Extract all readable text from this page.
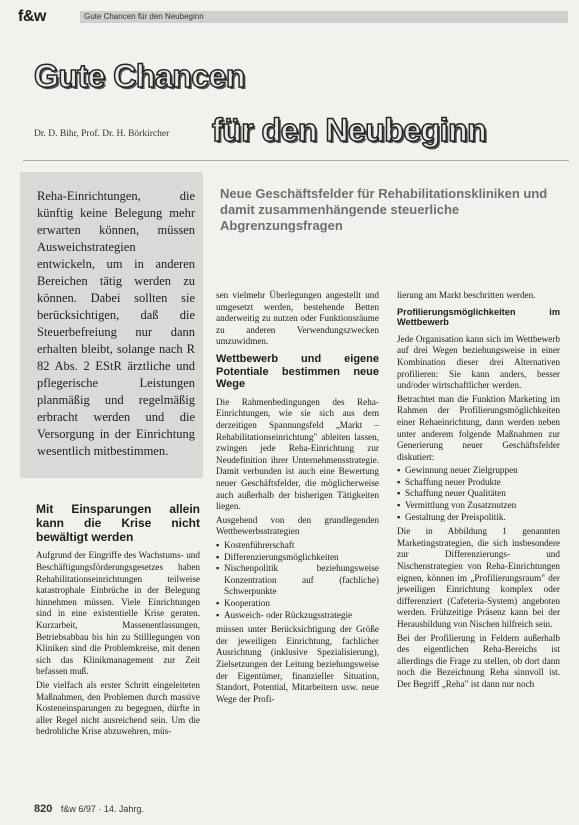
f&w	Gute Chancen für den Neubeginn
Gute Chancen
Dr. D. Bihr, Prof. Dr. H. Börkircher für den Neubeginn
Reha-Einrichtungen, die künftig keine Belegung mehr erwarten können, müssen Ausweichstrategien entwickeln, um in anderen Bereichen tätig werden zu können. Dabei sollten sie berücksichtigen, daß die Steuerbefreiung nur dann erhalten bleibt, solange nach R 82 Abs. 2 EStR ärztliche und pflegerische Leistungen planmäßig und regelmäßig erbracht werden und die Versorgung in der Einrichtung wesentlich mitbestimmen.
Neue Geschäftsfelder für Rehabilitationskliniken und damit zusammenhängende steuerliche Abgrenzungsfragen
Mit Einsparungen allein kann die Krise nicht bewältigt werden

Aufgrund der Eingriffe des Wachstums- und Beschäftigungsförderungsgesetzes haben Rehabilitationseinrichtungen teilweise katastrophale Einbrüche in der Belegung hinnehmen müssen. Viele Einrichtungen sind in eine existentielle Krise geraten. Kurzarbeit, Massenentlassungen, Betriebsabbau bis hin zu Stilllegungen von Kliniken sind die Problemkreise, mit denen sich das Klinikmanagement zur Zeit befassen muß.

Die vielfach als erster Schritt eingeleiteten Maßnahmen, den Problemen durch massive Kosteneinsparungen zu begegnen, dürfte in aller Regel nicht ausreichend sein. Um die bedrohliche Krise abzuwehren, müs-

sen vielmehr Überlegungen angestellt und umgesetzt werden, bestehende Betten anderweitig zu nutzen oder Funktionsräume zu anderen Verwendungszwecken umzuwidmen.

Wettbewerb und eigene Potentiale bestimmen neue Wege

Die Rahmenbedingungen des Reha-Einrichtungen, wie sie sich aus dem derzeitigen Spannungsfeld „Markt – Rehabilitationseinrichtung" ableiten lassen, zwingen jede Reha-Einrichtung zur Neudefinition ihrer Unternehmensstrategie. Damit verbunden ist auch eine Bewertung neuer Geschäftsfelder, die möglicherweise auch außerhalb der bisherigen Tätigkeiten liegen.

Ausgehend von den grundlegenden Wettbewerbsstrategien

▪ Kostenführerschaft
▪ Differenzierungsmöglichkeiten
▪ Nischenpolitik beziehungsweise Konzentration auf (fachliche) Schwerpunkte
▪ Kooperation
▪ Ausweich- oder Rückzugsstrategie

müssen unter Berücksichtigung der Größe der jeweiligen Einrichtung, fachlicher Ausrichtung (inklusive Spezialisierung), Zielsetzungen der Leitung beziehungsweise der Eigentümer, finanzieller Situation, Standort, Potential, Mitarbeitern usw. neue Wege der Profi-

lierung am Markt beschritten werden.

Profilierungsmöglichkeiten im Wettbewerb

Jede Organisation kann sich im Wettbewerb auf drei Wegen beziehungsweise in einer Kombination dieser drei Alternativen profilieren: Sie kann anders, besser und/oder wirtschaftlicher werden.

Betrachtet man die Funktion Marketing im Rahmen der Profilierungsmöglichkeiten einer Rehaeinrichtung, dann werden neben unter anderem folgende Maßnahmen zur Generierung neuer Geschäftsfelder diskutiert:

▪ Gewinnung neuer Zielgruppen
▪ Schaffung neuer Produkte
▪ Schaffung neuer Qualitäten
▪ Vermittlung von Zusatznutzen
▪ Gestaltung der Preispolitik.

Die in Abbildung 1 genannten Marketingstrategien, die sich insbesondere zur Differenzierungs- und Nischenstrategien von Reha-Einrichtungen eignen, können im „Profilierungsraum" der jeweiligen Einrichtung komplex oder differenziert (Cafeteria-System) angeboten werden. Frühzeitige Präsenz kann bei der Herausbildung von Nischen hilfreich sein.

Bei der Profilierung in Feldern außerhalb des eigentlichen Reha-Bereichs ist allerdings die Frage zu stellen, ob dort dann noch die Bezeichnung Reha sinnvoll ist. Der Begriff „Reha" ist dann nur noch

820 f&w 6/97 · 14. Jahrg.
